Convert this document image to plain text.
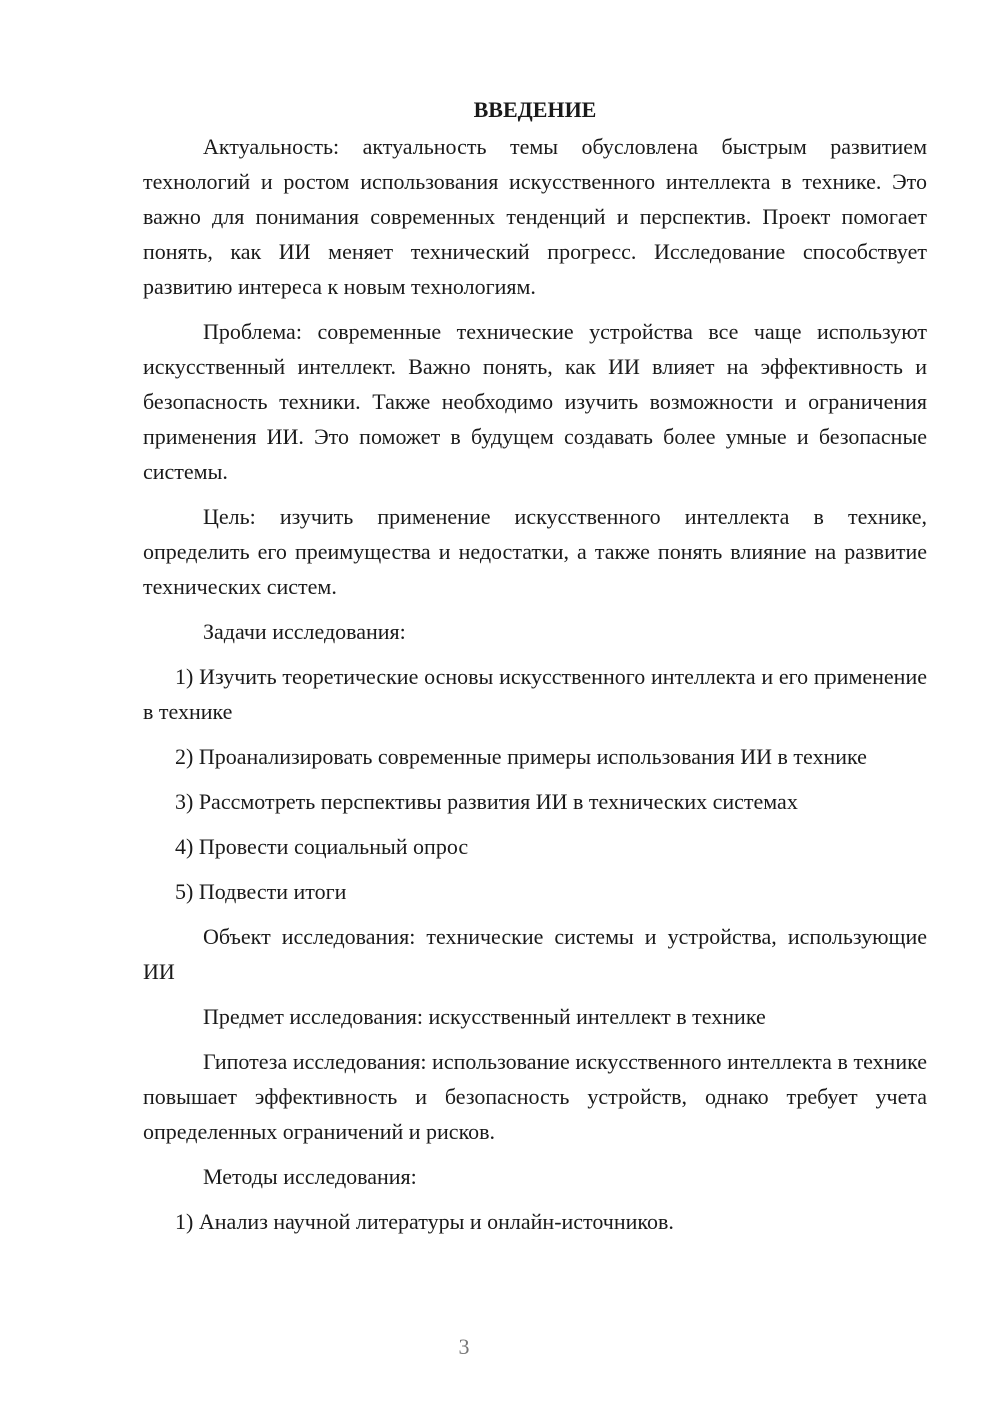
ВВЕДЕНИЕ

Актуальность: актуальность темы обусловлена быстрым развитием технологий и ростом использования искусственного интеллекта в технике. Это важно для понимания современных тенденций и перспектив. Проект помогает понять, как ИИ меняет технический прогресс. Исследование способствует развитию интереса к новым технологиям.

Проблема: современные технические устройства все чаще используют искусственный интеллект. Важно понять, как ИИ влияет на эффективность и безопасность техники. Также необходимо изучить возможности и ограничения применения ИИ. Это поможет в будущем создавать более умные и безопасные системы.

Цель: изучить применение искусственного интеллекта в технике, определить его преимущества и недостатки, а также понять влияние на развитие технических систем.

Задачи исследования:

1) Изучить теоретические основы искусственного интеллекта и его применение в технике

2) Проанализировать современные примеры использования ИИ в технике

3) Рассмотреть перспективы развития ИИ в технических системах

4) Провести социальный опрос

5) Подвести итоги

Объект исследования: технические системы и устройства, использующие ИИ

Предмет исследования: искусственный интеллект в технике

Гипотеза исследования: использование искусственного интеллекта в технике повышает эффективность и безопасность устройств, однако требует учета определенных ограничений и рисков.

Методы исследования:

1) Анализ научной литературы и онлайн-источников.

3
